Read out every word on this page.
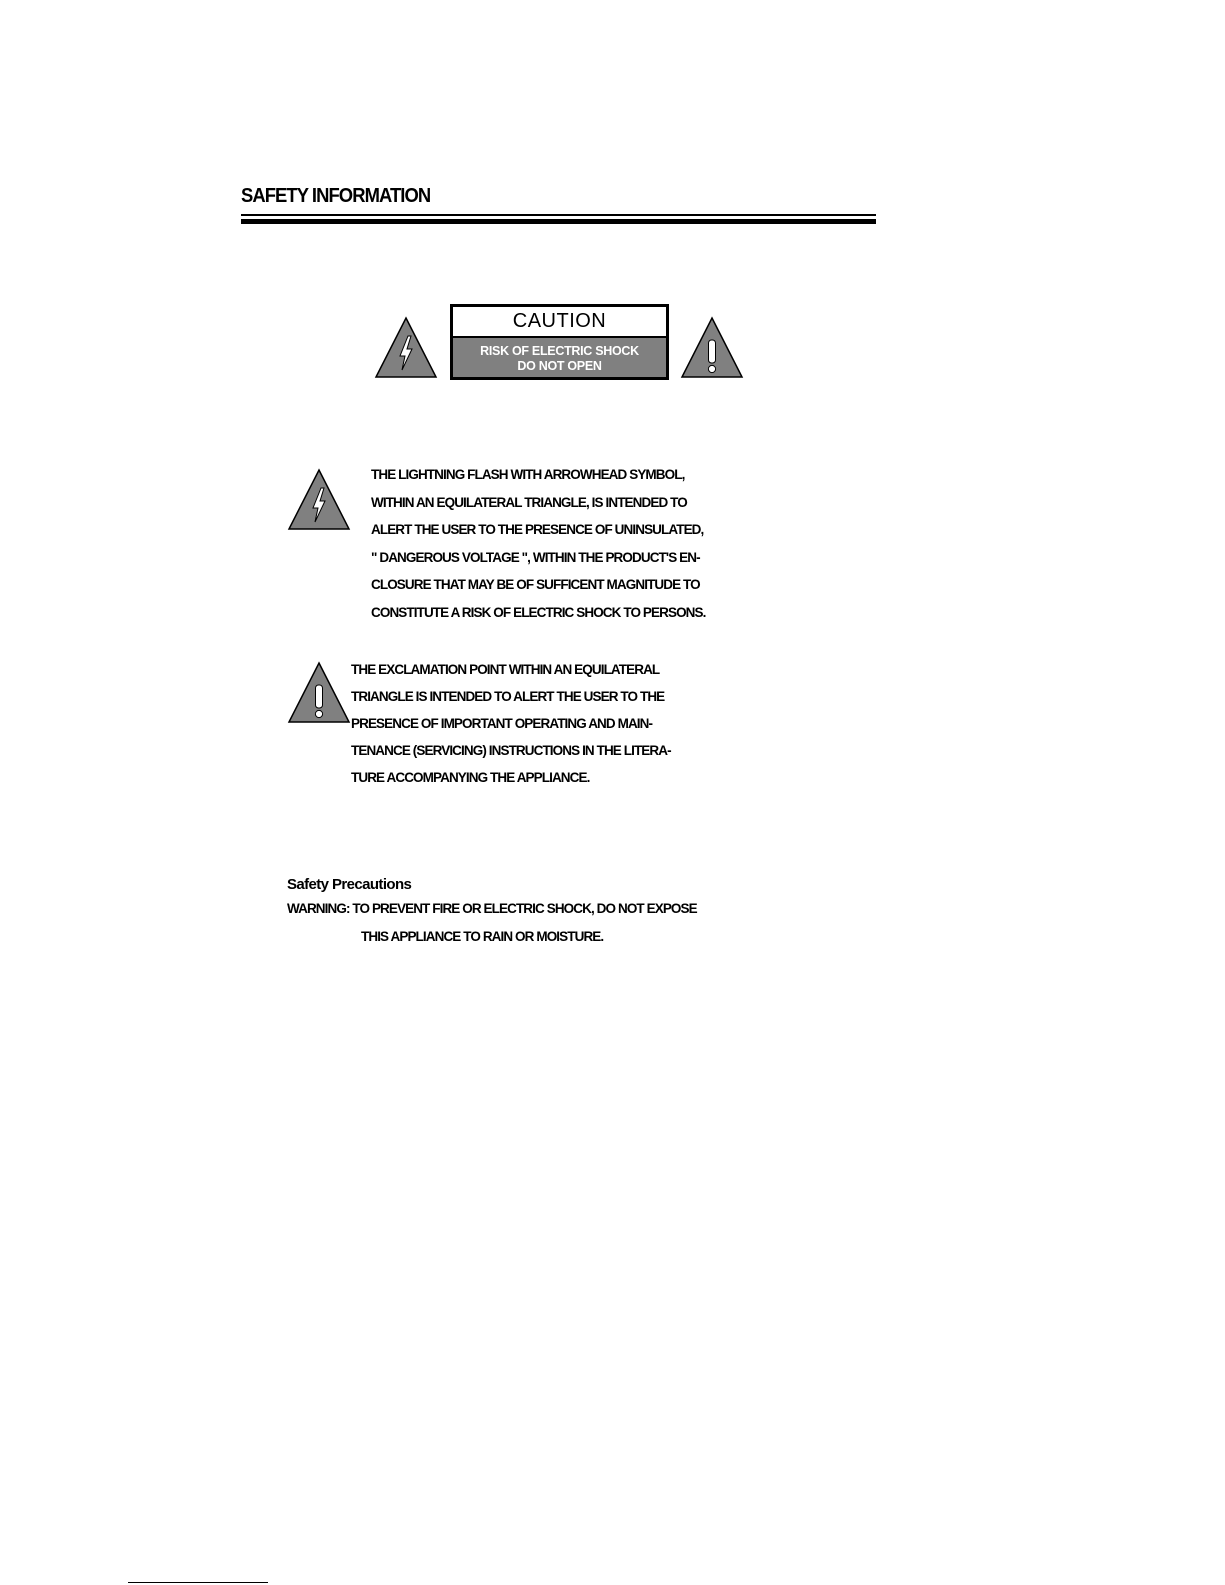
SAFETY INFORMATION
CAUTION
RISK OF ELECTRIC SHOCK
DO NOT OPEN
THE LIGHTNING FLASH WITH ARROWHEAD SYMBOL,
WITHIN AN EQUILATERAL TRIANGLE, IS INTENDED TO
ALERT THE USER TO THE PRESENCE OF UNINSULATED,
" DANGEROUS VOLTAGE ", WITHIN THE PRODUCT'S EN-
CLOSURE THAT MAY BE OF SUFFICENT MAGNITUDE TO
CONSTITUTE A RISK OF ELECTRIC SHOCK TO PERSONS.
THE EXCLAMATION POINT WITHIN AN EQUILATERAL
TRIANGLE IS INTENDED TO ALERT THE USER TO THE
PRESENCE OF IMPORTANT OPERATING AND MAIN-
TENANCE (SERVICING) INSTRUCTIONS IN THE LITERA-
TURE ACCOMPANYING THE APPLIANCE.
Safety Precautions
WARNING: TO PREVENT FIRE OR ELECTRIC SHOCK, DO NOT EXPOSE
THIS APPLIANCE TO RAIN OR MOISTURE.
